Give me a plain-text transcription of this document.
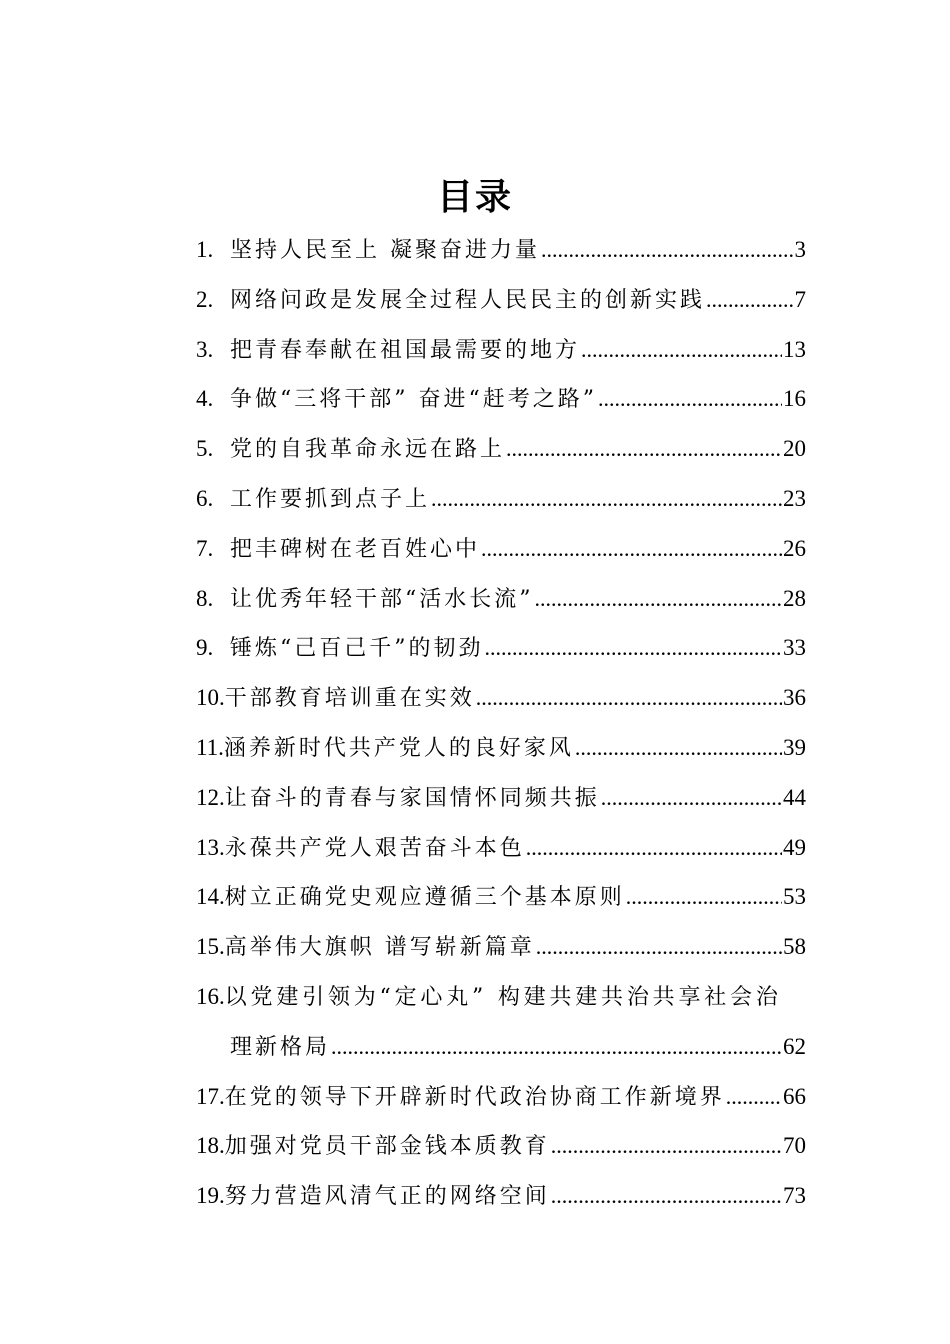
目录
1. 坚持人民至上 凝聚奋进力量 .....	3
2. 网络问政是发展全过程人民民主的创新实践 .....	7
3. 把青春奉献在祖国最需要的地方 .....	13
4. 争做“三将干部” 奋进“赶考之路” .....	16
5. 党的自我革命永远在路上 .....	20
6. 工作要抓到点子上 .....	23
7. 把丰碑树在老百姓心中 .....	26
8. 让优秀年轻干部“活水长流” .....	28
9. 锤炼“己百己千”的韧劲 .....	33
10. 干部教育培训重在实效 .....	36
11. 涵养新时代共产党人的良好家风 .....	39
12. 让奋斗的青春与家国情怀同频共振 .....	44
13. 永葆共产党人艰苦奋斗本色 .....	49
14. 树立正确党史观应遵循三个基本原则 .....	53
15. 高举伟大旗帜 谱写崭新篇章 .....	58
16. 以党建引领为“定心丸” 构建共建共治共享社会治
理新格局 .....	62
17. 在党的领导下开辟新时代政治协商工作新境界 .....	66
18. 加强对党员干部金钱本质教育 .....	70
19. 努力营造风清气正的网络空间 .....	73
